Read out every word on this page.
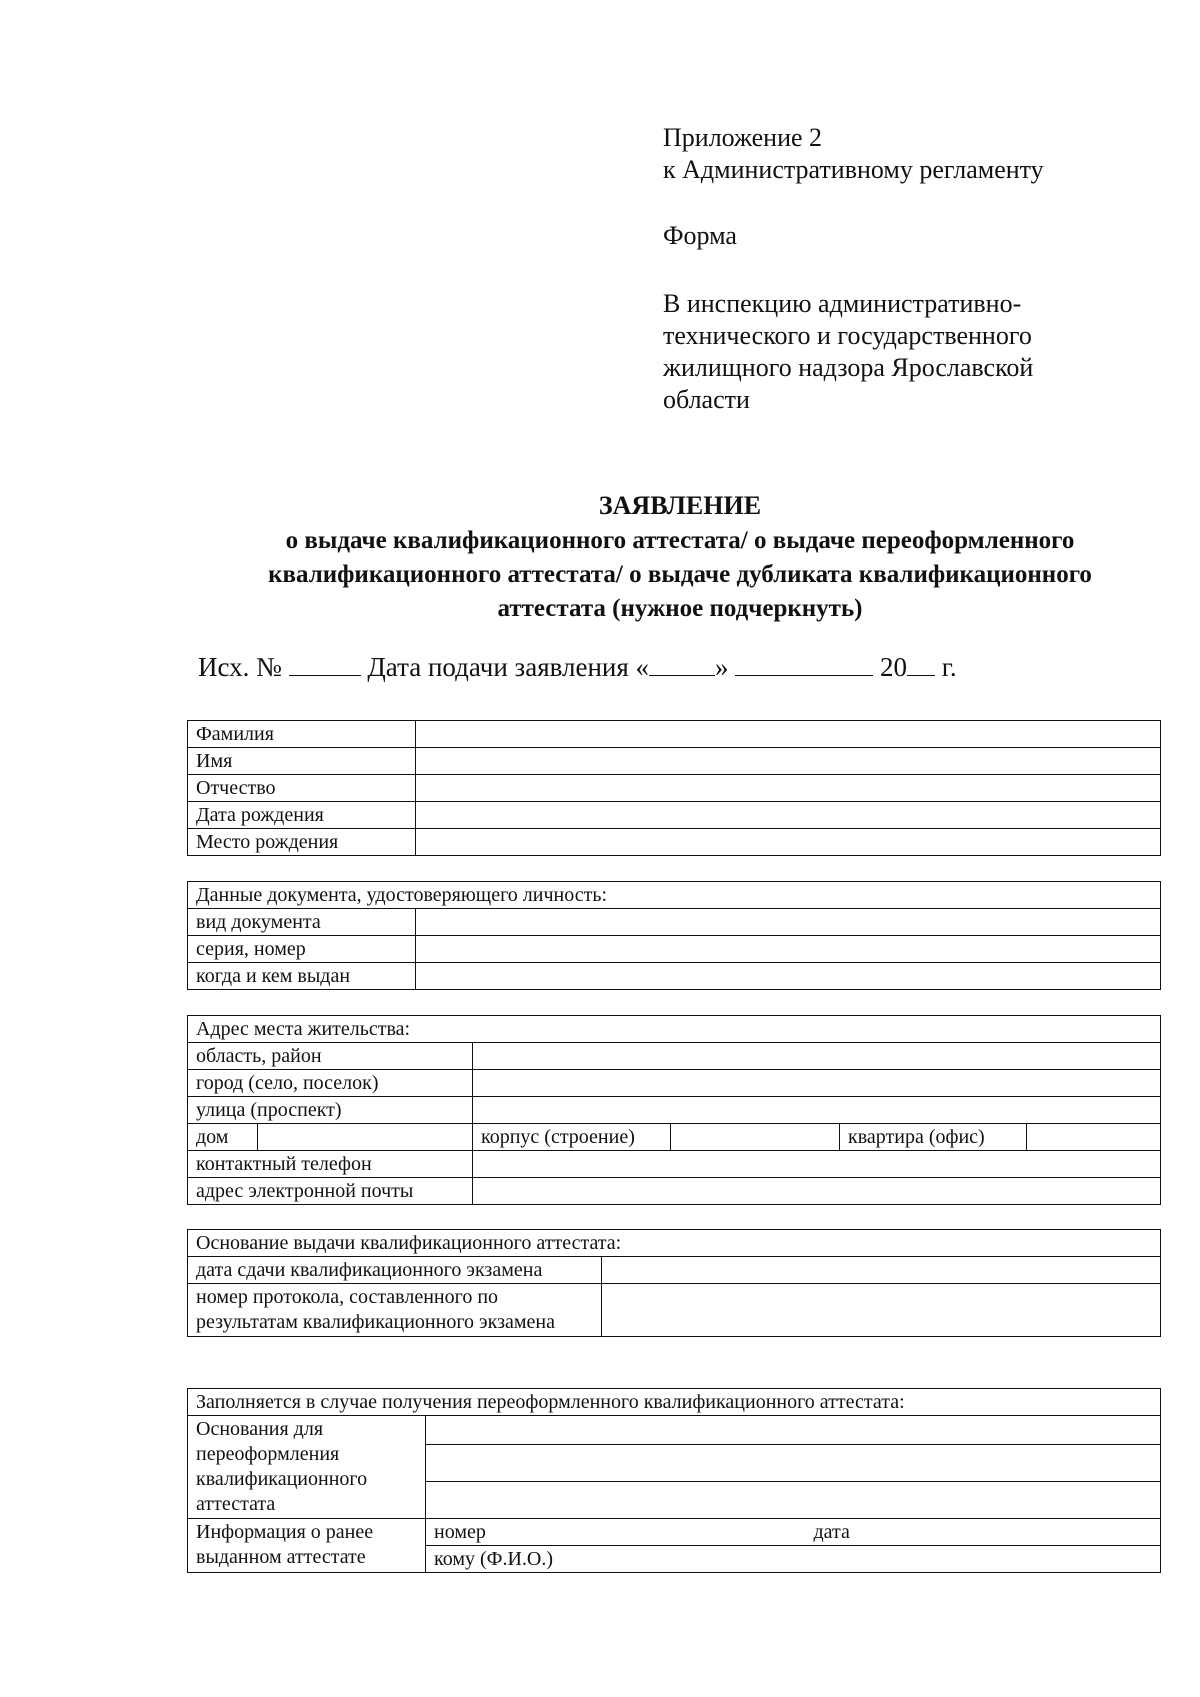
Приложение 2
к Административному регламенту
Форма
В инспекцию административно-
технического и государственного
жилищного надзора Ярославской
области
ЗАЯВЛЕНИЕ
о выдаче квалификационного аттестата/ о выдаче переоформленного
квалификационного аттестата/ о выдаче дубликата квалификационного
аттестата (нужное подчеркнуть)
Исх. №	Дата подачи заявления « »	20 г.
Фамилия	
Имя	
Отчество	
Дата рождения	
Место рождения	
Данные документа, удостоверяющего личность:	
вид документа	
серия, номер	
когда и кем выдан	
Адрес места жительства:					
область, район					
город (село, поселок)					
улица (проспект)					
дом		корпус (строение)		квартира (офис)	
контактный телефон					
адрес электронной почты					
Основание выдачи квалификационного аттестата:	
дата сдачи квалификационного экзамена	
номер протокола, составленного по результатам квалификационного экзамена	
Заполняется в случае получения переоформленного квалификационного аттестата:		
Основания для переоформления квалификационного аттестата		

Информация о ранее выданном аттестате	номер	дата
	кому (Ф.И.О.)	
